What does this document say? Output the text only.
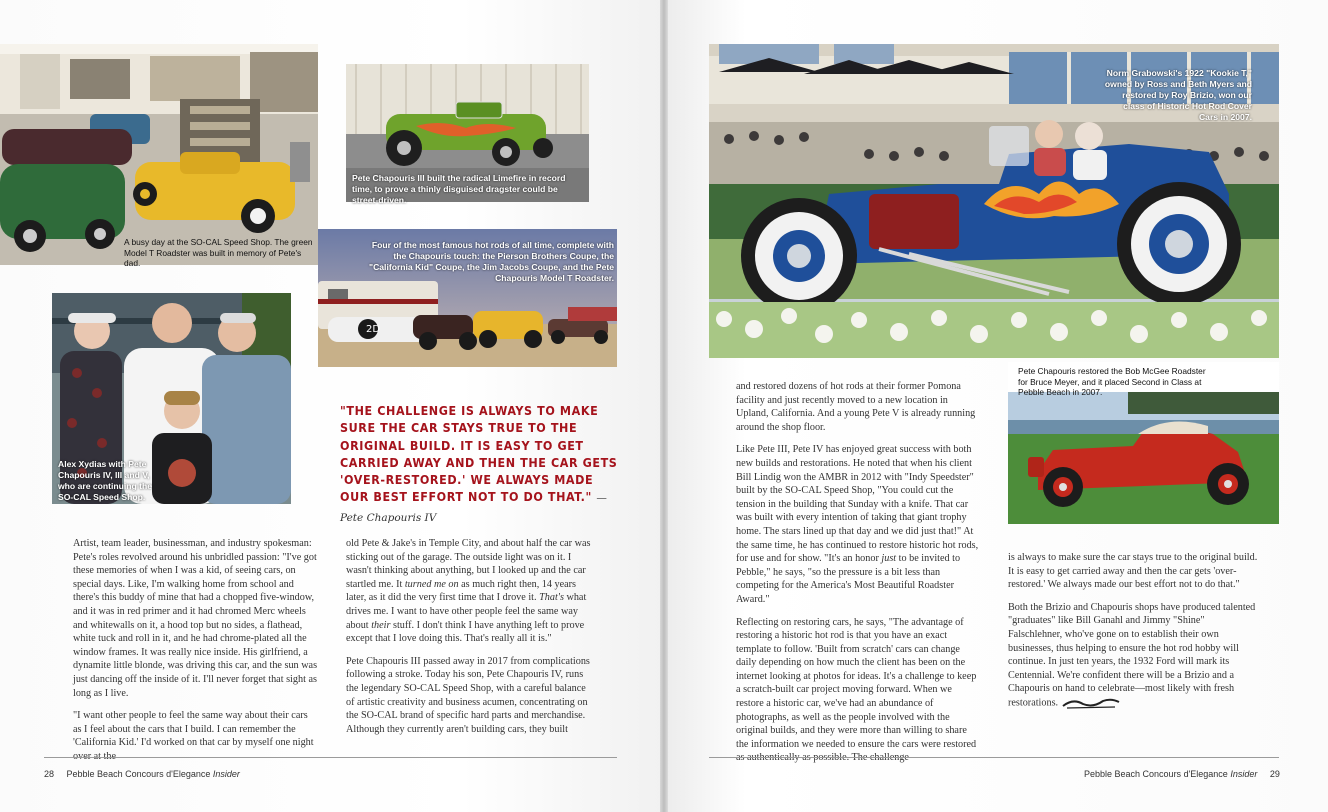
A busy day at the SO-CAL Speed Shop. The green Model T Roadster was built in memory of Pete's dad.
Pete Chapouris III built the radical Limefire in record time, to prove a thinly disguised dragster could be street-driven.
2D
Four of the most famous hot rods of all time, complete with the Chapouris touch: the Pierson Brothers Coupe, the "California Kid" Coupe, the Jim Jacobs Coupe, and the Pete Chapouris Model T Roadster.
Alex Xydias with Pete Chapouris IV, III and V, who are continuing the SO-CAL Speed Shop.
"THE CHALLENGE IS ALWAYS TO MAKE SURE THE CAR STAYS TRUE TO THE ORIGINAL BUILD. IT IS EASY TO GET CARRIED AWAY AND THEN THE CAR GETS 'OVER-RESTORED.' WE ALWAYS MADE OUR BEST EFFORT NOT TO DO THAT." — Pete Chapouris IV

Artist, team leader, businessman, and industry spokesman: Pete's roles revolved around his unbridled passion: "I've got these memories of when I was a kid, of seeing cars, on special days. Like, I'm walking home from school and there's this buddy of mine that had a chopped five-window, and it was in red primer and it had chromed Merc wheels and whitewalls on it, a hood top but no sides, a flathead, white tuck and roll in it, and he had chrome-plated all the window frames. It was really nice inside. His girlfriend, a dynamite little blonde, was driving this car, and the sun was just dancing off the inside of it. I'll never forget that sight as long as I live.

"I want other people to feel the same way about their cars as I feel about the cars that I build. I can remember the 'California Kid.' I'd worked on that car by myself one night

old Pete & Jake's in Temple City, and about half the car was sticking out of the garage. The outside light was on it. I wasn't thinking about anything, but I looked up and the car startled me. It turned me on as much right then, 14 years later, as it did the very first time that I drove it. That's what drives me. I want to have other people feel the same way about their stuff. I don't think I have anything left to prove except that I love doing this. That's really all it is."

Pete Chapouris III passed away in 2017 from complications following a stroke. Today his son, Pete Chapouris IV, runs the legendary SO-CAL Speed Shop, with a careful balance of artistic creativity and business acumen, concentrating on the SO-CAL brand of specific hard parts and merchandise. Although they currently aren't building cars, they built

28 Pebble Beach Concours d'Elegance Insider
Norm Grabowski's 1922 "Kookie T," owned by Ross and Beth Myers and restored by Roy Brizio, won our class of Historic Hot Rod Cover Cars in 2007.
Pete Chapouris restored the Bob McGee Roadster for Bruce Meyer, and it placed Second in Class at Pebble Beach in 2007.

and restored dozens of hot rods at their former Pomona facility and just recently moved to a new location in Upland, California. And a young Pete V is already running around the shop floor.

Like Pete III, Pete IV has enjoyed great success with both new builds and restorations. He noted that when his client Bill Lindig won the AMBR in 2012 with "Indy Speedster" built by the SO-CAL Speed Shop, "You could cut the tension in the building that Sunday with a knife. That car was built with every intention of taking that giant trophy home. The stars lined up that day and we did just that!" At the same time, he has continued to restore historic hot rods, for use and for show. "It's an honor just to be invited to Pebble," he says, "so the pressure is a bit less than competing for the America's Most Beautiful Roadster Award."

Reflecting on restoring cars, he says, "The advantage of restoring a historic hot rod is that you have an exact template to follow. 'Built from scratch' cars can change daily depending on how much the client has been on the internet looking at photos for ideas. It's a challenge to keep a scratch-built car project moving forward. When we restore a historic car, we've had an abundance of photographs, as well as the people involved with the original builds, and they were more than willing to share the information we needed to ensure the cars were restored

is always to make sure the car stays true to the original build. It is easy to get carried away and then the car gets 'over-restored.' We always made our best effort not to do that."

Both the Brizio and Chapouris shops have produced talented "graduates" like Bill Ganahl and Jimmy "Shine" Falschlehner, who've gone on to establish their own businesses, thus helping to ensure the hot rod hobby will continue. In just ten years, the 1932 Ford will mark its Centennial. We're confident there will be a Brizio and a Chapouris on hand to celebrate—most likely with fresh restorations.

Pebble Beach Concours d'Elegance Insider 29
